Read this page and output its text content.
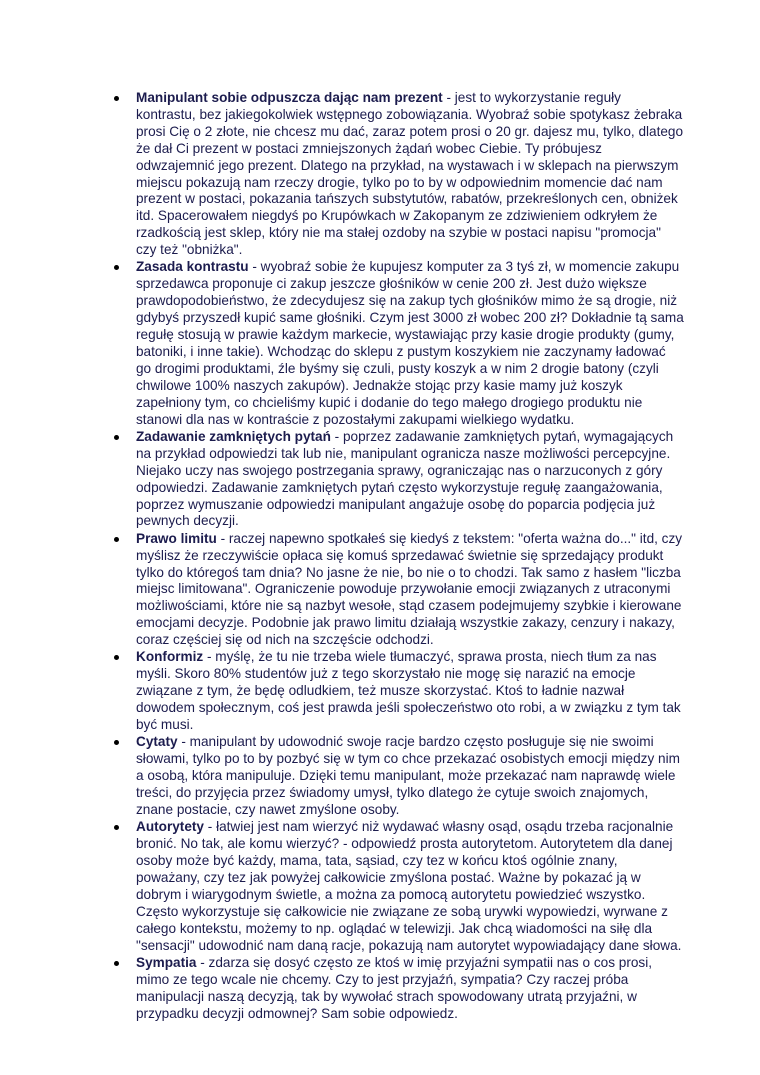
Manipulant sobie odpuszcza dając nam prezent - jest to wykorzystanie reguły kontrastu, bez jakiegokolwiek wstępnego zobowiązania. Wyobraź sobie spotykasz żebraka prosi Cię o 2 złote, nie chcesz mu dać, zaraz potem prosi o 20 gr. dajesz mu, tylko, dlatego że dał Ci prezent w postaci zmniejszonych żądań wobec Ciebie. Ty próbujesz odwzajemnić jego prezent. Dlatego na przykład, na wystawach i w sklepach na pierwszym miejscu pokazują nam rzeczy drogie, tylko po to by w odpowiednim momencie dać nam prezent w postaci, pokazania tańszych substytutów, rabatów, przekreślonych cen, obniżek itd. Spacerowałem niegdyś po Krupówkach w Zakopanym ze zdziwieniem odkryłem że rzadkością jest sklep, który nie ma stałej ozdoby na szybie w postaci napisu "promocja" czy też "obniżka".
Zasada kontrastu - wyobraź sobie że kupujesz komputer za 3 tyś zł, w momencie zakupu sprzedawca proponuje ci zakup jeszcze głośników w cenie 200 zł. Jest dużo większe prawdopodobieństwo, że zdecydujesz się na zakup tych głośników mimo że są drogie, niż gdybyś przyszedł kupić same głośniki. Czym jest 3000 zł wobec 200 zł? Dokładnie tą sama regułę stosują w prawie każdym markecie, wystawiając przy kasie drogie produkty (gumy, batoniki, i inne takie). Wchodząc do sklepu z pustym koszykiem nie zaczynamy ładować go drogimi produktami, źle byśmy się czuli, pusty koszyk a w nim 2 drogie batony (czyli chwilowe 100% naszych zakupów). Jednakże stojąc przy kasie mamy już koszyk zapełniony tym, co chcieliśmy kupić i dodanie do tego małego drogiego produktu nie stanowi dla nas w kontraście z pozostałymi zakupami wielkiego wydatku.
Zadawanie zamkniętych pytań - poprzez zadawanie zamkniętych pytań, wymagających na przykład odpowiedzi tak lub nie, manipulant ogranicza nasze możliwości percepcyjne. Niejako uczy nas swojego postrzegania sprawy, ograniczając nas o narzuconych z góry odpowiedzi. Zadawanie zamkniętych pytań często wykorzystuje regułę zaangażowania, poprzez wymuszanie odpowiedzi manipulant angażuje osobę do poparcia podjęcia już pewnych decyzji.
Prawo limitu - raczej napewno spotkałeś się kiedyś z tekstem: "oferta ważna do..." itd, czy myślisz że rzeczywiście opłaca się komuś sprzedawać świetnie się sprzedający produkt tylko do któregoś tam dnia? No jasne że nie, bo nie o to chodzi. Tak samo z hasłem "liczba miejsc limitowana". Ograniczenie powoduje przywołanie emocji związanych z utraconymi możliwościami, które nie są nazbyt wesołe, stąd czasem podejmujemy szybkie i kierowane emocjami decyzje. Podobnie jak prawo limitu działają wszystkie zakazy, cenzury i nakazy, coraz częściej się od nich na szczęście odchodzi.
Konformiz - myślę, że tu nie trzeba wiele tłumaczyć, sprawa prosta, niech tłum za nas myśli. Skoro 80% studentów już z tego skorzystało nie mogę się narazić na emocje związane z tym, że będę odludkiem, też musze skorzystać. Ktoś to ładnie nazwał dowodem społecznym, coś jest prawda jeśli społeczeństwo oto robi, a w związku z tym tak być musi.
Cytaty - manipulant by udowodnić swoje racje bardzo często posługuje się nie swoimi słowami, tylko po to by pozbyć się w tym co chce przekazać osobistych emocji między nim a osobą, która manipuluje. Dzięki temu manipulant, może przekazać nam naprawdę wiele treści, do przyjęcia przez świadomy umysł, tylko dlatego że cytuje swoich znajomych, znane postacie, czy nawet zmyślone osoby.
Autorytety - łatwiej jest nam wierzyć niż wydawać własny osąd, osądu trzeba racjonalnie bronić. No tak, ale komu wierzyć? - odpowiedź prosta autorytetom. Autorytetem dla danej osoby może być każdy, mama, tata, sąsiad, czy tez w końcu ktoś ogólnie znany, poważany, czy tez jak powyżej całkowicie zmyślona postać. Ważne by pokazać ją w dobrym i wiarygodnym świetle, a można za pomocą autorytetu powiedzieć wszystko. Często wykorzystuje się całkowicie nie związane ze sobą urywki wypowiedzi, wyrwane z całego kontekstu, możemy to np. oglądać w telewizji. Jak chcą wiadomości na siłę dla "sensacji" udowodnić nam daną racje, pokazują nam autorytet wypowiadający dane słowa.
Sympatia - zdarza się dosyć często ze ktoś w imię przyjaźni sympatii nas o cos prosi, mimo ze tego wcale nie chcemy. Czy to jest przyjaźń, sympatia? Czy raczej próba manipulacji naszą decyzją, tak by wywołać strach spowodowany utratą przyjaźni, w przypadku decyzji odmownej? Sam sobie odpowiedz.
